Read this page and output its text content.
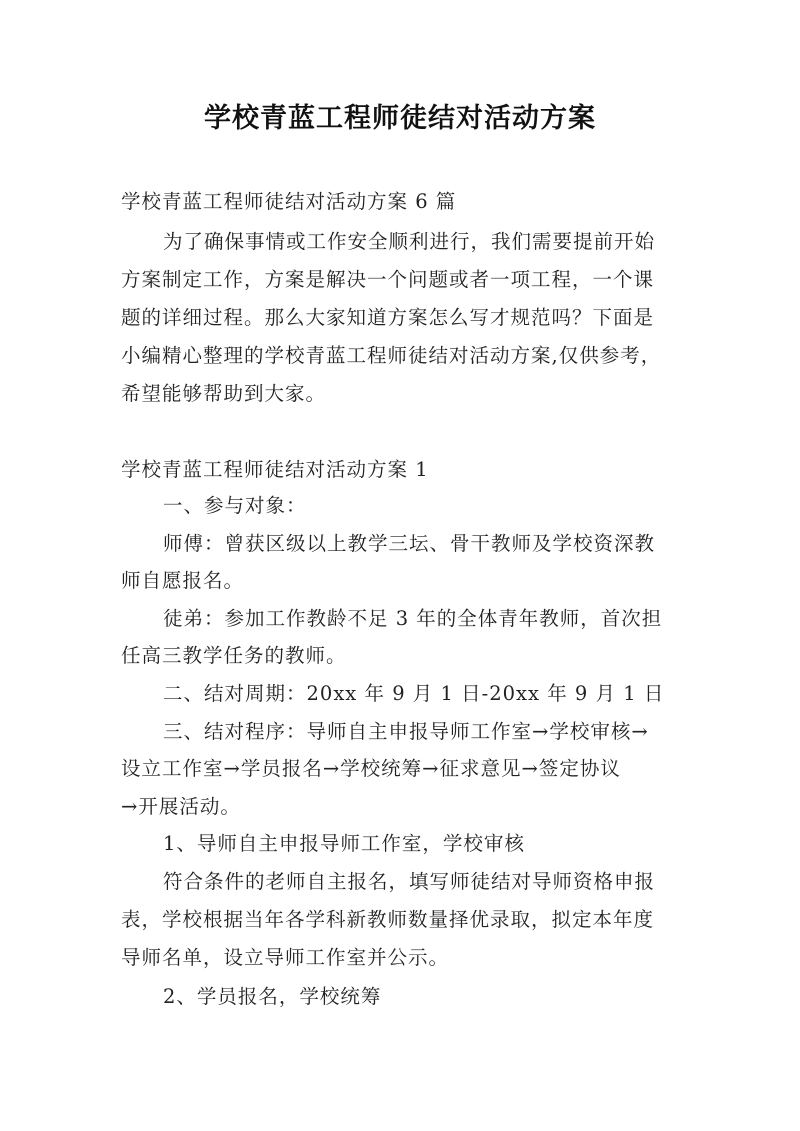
学校青蓝工程师徒结对活动方案
学校青蓝工程师徒结对活动方案 6 篇
为了确保事情或工作安全顺利进行，我们需要提前开始
方案制定工作，方案是解决一个问题或者一项工程，一个课
题的详细过程。那么大家知道方案怎么写才规范吗？下面是
小编精心整理的学校青蓝工程师徒结对活动方案,仅供参考，
希望能够帮助到大家。
学校青蓝工程师徒结对活动方案 1
一、参与对象：
师傅：曾获区级以上教学三坛、骨干教师及学校资深教
师自愿报名。
徒弟：参加工作教龄不足 3 年的全体青年教师，首次担
任高三教学任务的教师。
二、结对周期：20xx 年 9 月 1 日-20xx 年 9 月 1 日
三、结对程序：导师自主申报导师工作室→学校审核→
设立工作室→学员报名→学校统筹→征求意见→签定协议
→开展活动。
1、导师自主申报导师工作室，学校审核
符合条件的老师自主报名，填写师徒结对导师资格申报
表，学校根据当年各学科新教师数量择优录取，拟定本年度
导师名单，设立导师工作室并公示。
2、学员报名，学校统筹
